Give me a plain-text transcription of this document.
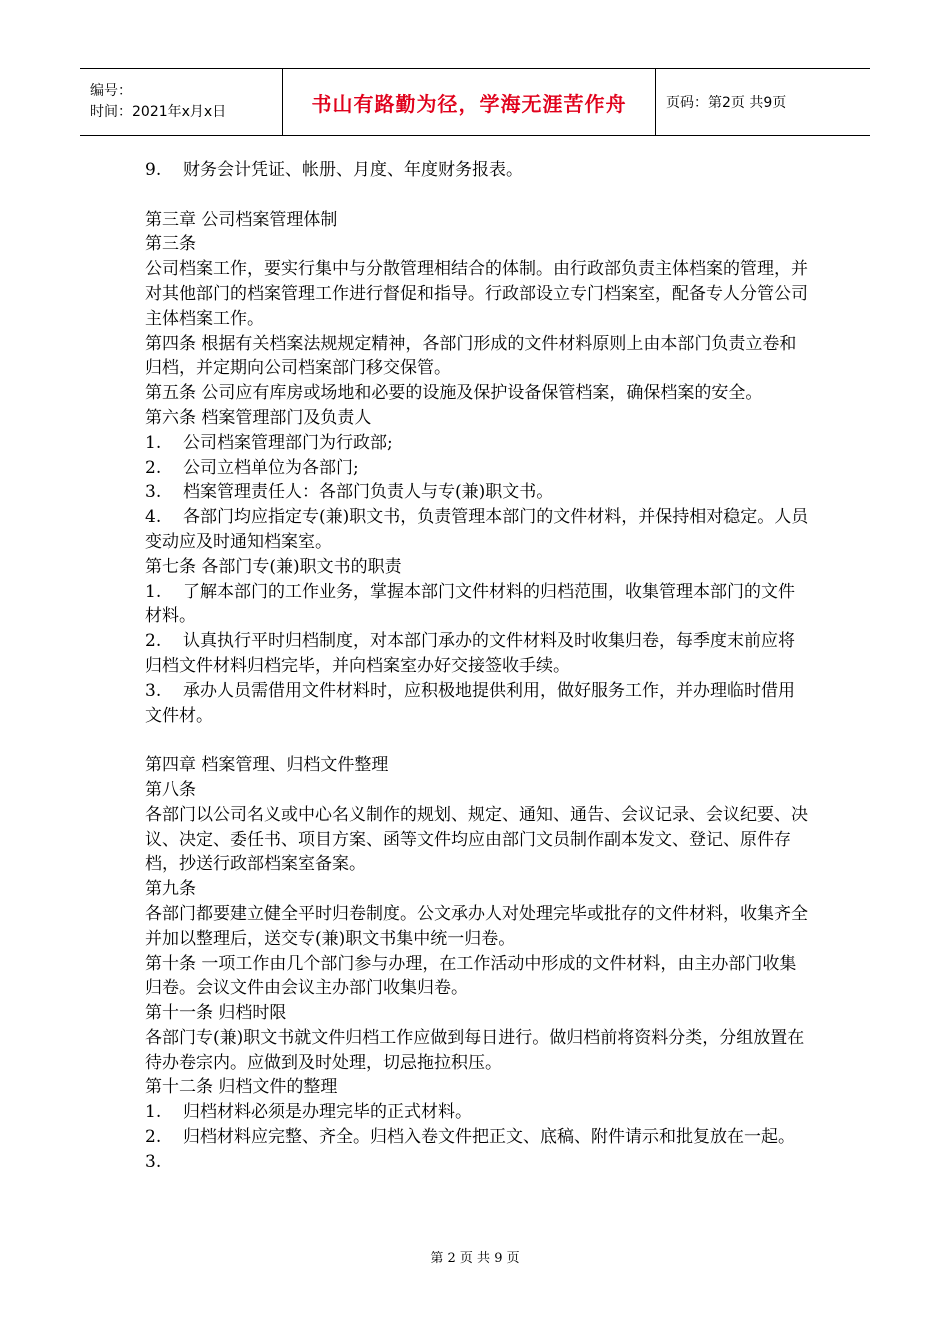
编号：
时间：2021年x月x日	书山有路勤为径，学海无涯苦作舟	页码：第2页 共9页

9.	财务会计凭证、帐册、月度、年度财务报表。

第三章 公司档案管理体制

第三条

公司档案工作，要实行集中与分散管理相结合的体制。由行政部负责主体档案的管理，并对其他部门的档案管理工作进行督促和指导。行政部设立专门档案室，配备专人分管公司主体档案工作。

第四条 根据有关档案法规规定精神，各部门形成的文件材料原则上由本部门负责立卷和归档，并定期向公司档案部门移交保管。

第五条 公司应有库房或场地和必要的设施及保护设备保管档案，确保档案的安全。

第六条 档案管理部门及负责人

1.	公司档案管理部门为行政部;

2.	公司立档单位为各部门;

3.	档案管理责任人：各部门负责人与专(兼)职文书。

4. 各部门均应指定专(兼)职文书，负责管理本部门的文件材料，并保持相对稳定。人员变动应及时通知档案室。

第七条 各部门专(兼)职文书的职责

1. 了解本部门的工作业务，掌握本部门文件材料的归档范围，收集管理本部门的文件材料。

2. 认真执行平时归档制度，对本部门承办的文件材料及时收集归卷，每季度末前应将归档文件材料归档完毕，并向档案室办好交接签收手续。

3. 承办人员需借用文件材料时，应积极地提供利用，做好服务工作，并办理临时借用文件材。

第四章 档案管理、归档文件整理

第八条

各部门以公司名义或中心名义制作的规划、规定、通知、通告、会议记录、会议纪要、决议、决定、委任书、项目方案、函等文件均应由部门文员制作副本发文、登记、原件存档，抄送行政部档案室备案。

第九条

各部门都要建立健全平时归卷制度。公文承办人对处理完毕或批存的文件材料，收集齐全并加以整理后，送交专(兼)职文书集中统一归卷。

第十条 一项工作由几个部门参与办理，在工作活动中形成的文件材料，由主办部门收集归卷。会议文件由会议主办部门收集归卷。

第十一条 归档时限

各部门专(兼)职文书就文件归档工作应做到每日进行。做归档前将资料分类，分组放置在待办卷宗内。应做到及时处理，切忌拖拉积压。

第十二条 归档文件的整理

1.	归档材料必须是办理完毕的正式材料。

2. 归档材料应完整、齐全。归档入卷文件把正文、底稿、附件请示和批复放在一起。

3.

第 2 页 共 9 页
